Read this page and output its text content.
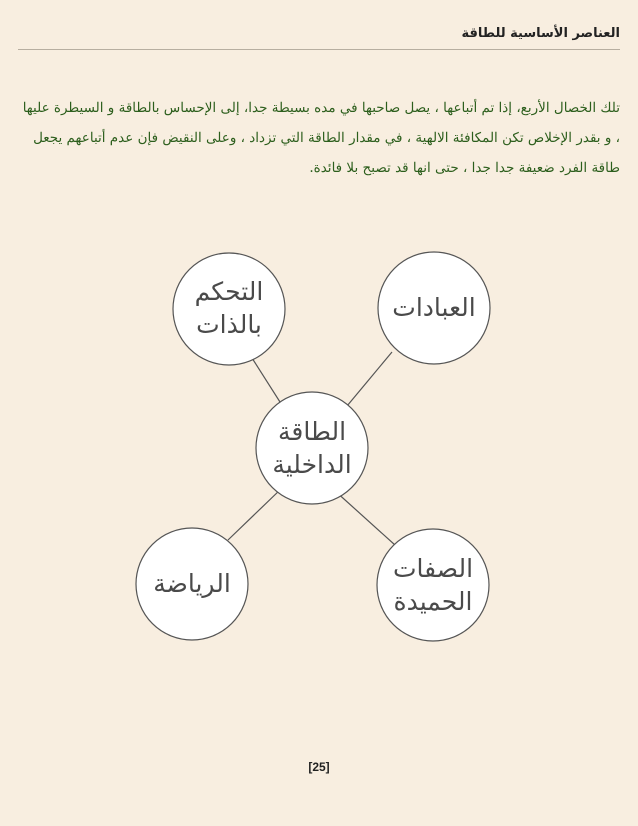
العناصر الأساسية للطاقة
تلك الخصال الأربع، إذا تم أتباعها ، يصل صاحبها في مده بسيطة جدا، إلى الإحساس بالطاقة و السيطرة عليها
، و بقدر الإخلاص تكن المكافئة الالهية ، في مقدار الطاقة التي تزداد ، وعلى النقيض فإن عدم أتباعهم يجعل
طاقة الفرد ضعيفة جدا جدا ، حتى انها قد تصبح بلا فائدة.
التحكم
بالذات
العبادات
الطاقة
الداخلية
الرياضة
الصفات
الحميدة
[25]
